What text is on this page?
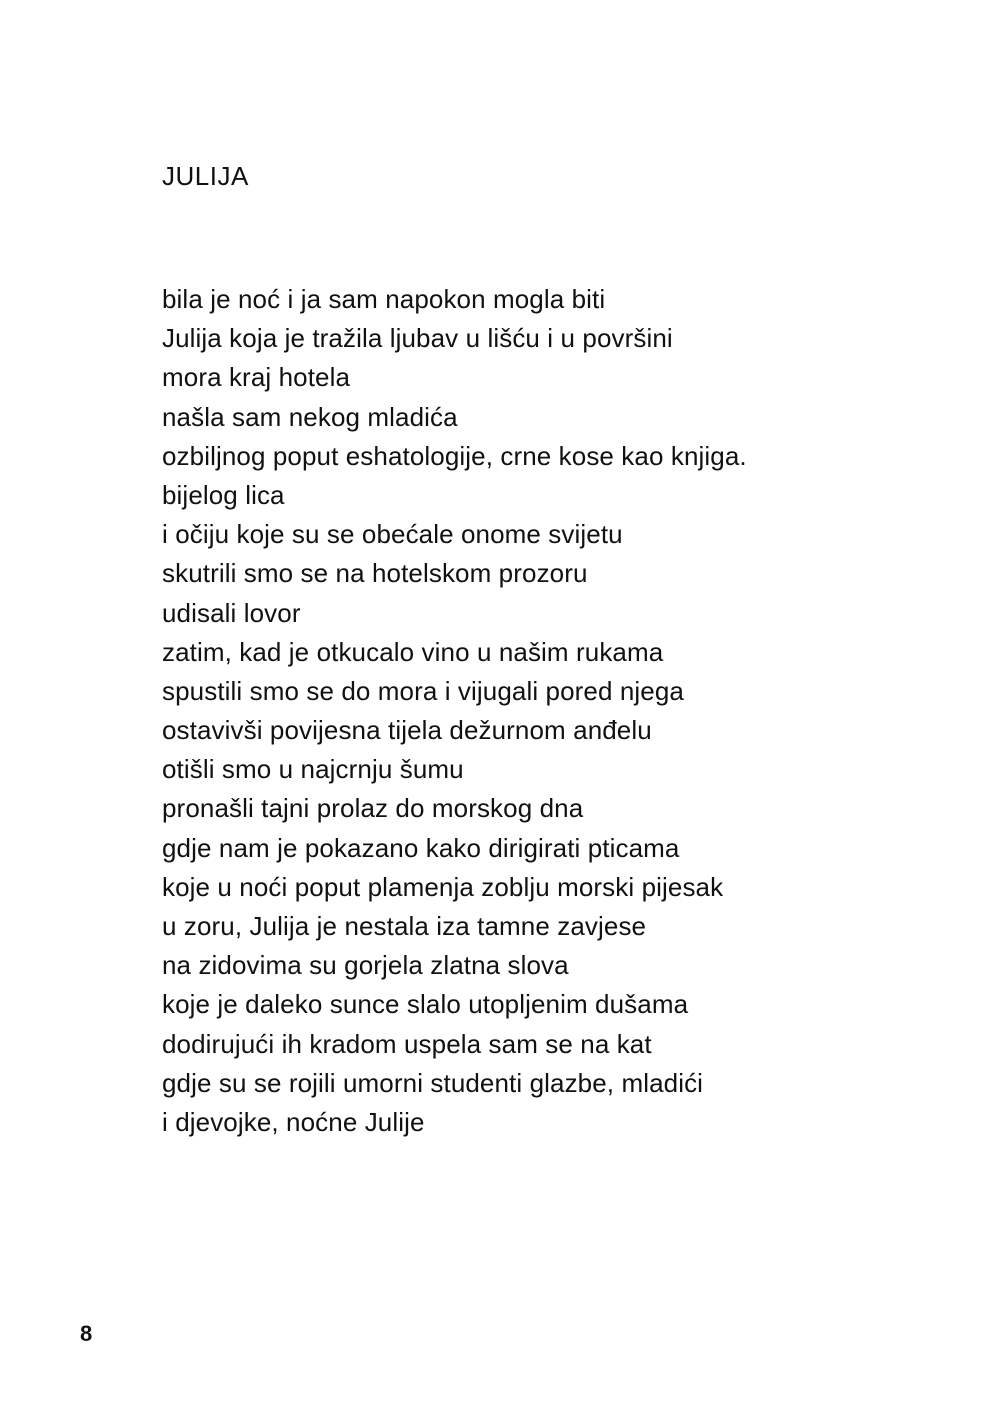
JULIJA
bila je noć i ja sam napokon mogla biti
Julija koja je tražila ljubav u lišću i u površini
mora kraj hotela
našla sam nekog mladića
ozbiljnog poput eshatologije, crne kose kao knjiga.
bijelog lica
i očiju koje su se obećale onome svijetu
skutrili smo se na hotelskom prozoru
udisali lovor
zatim, kad je otkucalo vino u našim rukama
spustili smo se do mora i vijugali pored njega
ostavivši povijesna tijela dežurnom anđelu
otišli smo u najcrnju šumu
pronašli tajni prolaz do morskog dna
gdje nam je pokazano kako dirigirati pticama
koje u noći poput plamenja zoblju morski pijesak
u zoru, Julija je nestala iza tamne zavjese
na zidovima su gorjela zlatna slova
koje je daleko sunce slalo utopljenim dušama
dodirujući ih kradom uspela sam se na kat
gdje su se rojili umorni studenti glazbe, mladići
i djevojke, noćne Julije
8
